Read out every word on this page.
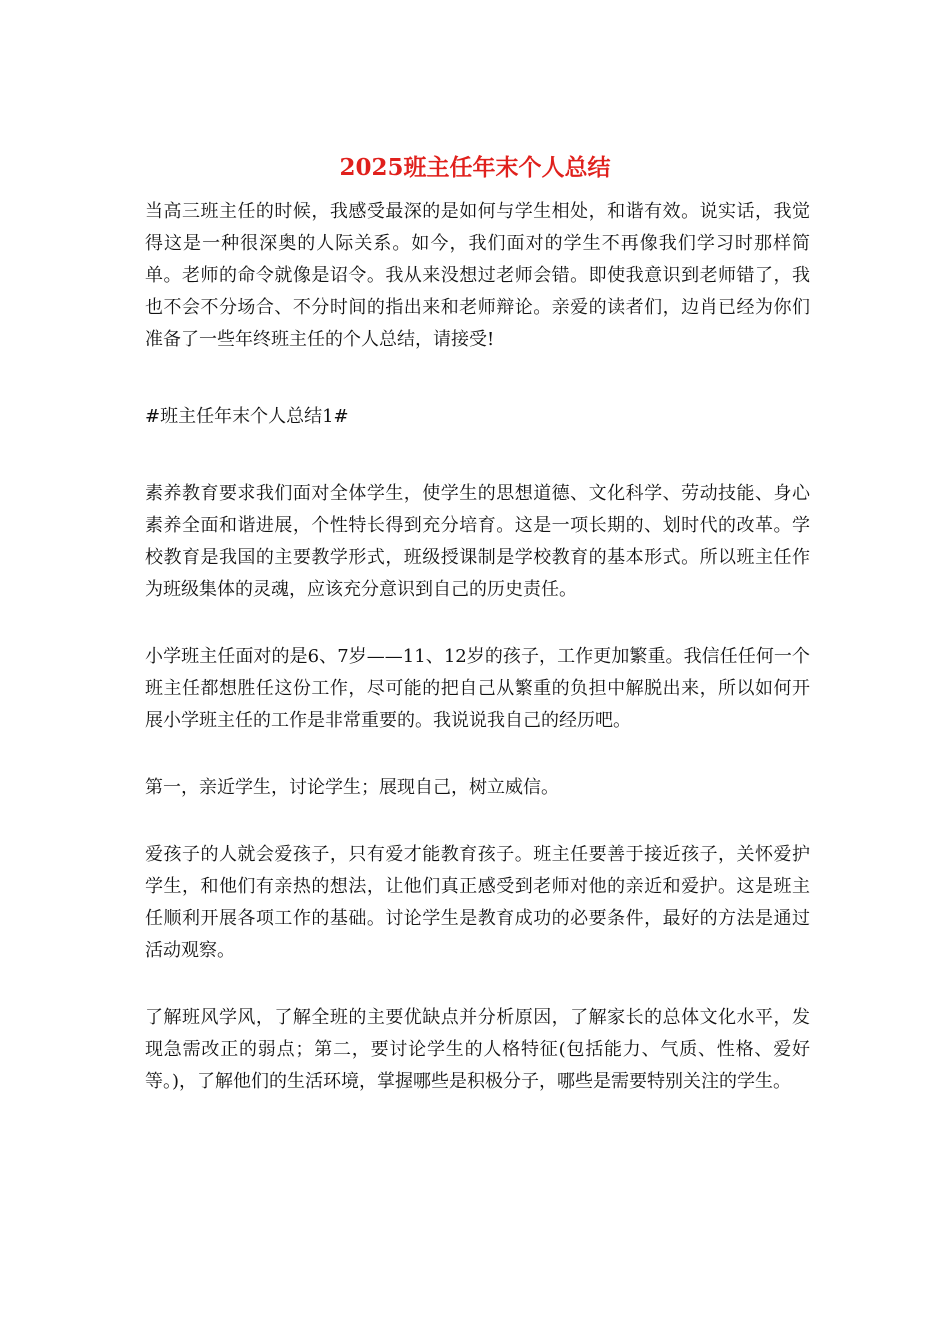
2025班主任年末个人总结

当高三班主任的时候，我感受最深的是如何与学生相处，和谐有效。说实话，我觉得这是一种很深奥的人际关系。如今，我们面对的学生不再像我们学习时那样简单。老师的命令就像是诏令。我从来没想过老师会错。即使我意识到老师错了，我也不会不分场合、不分时间的指出来和老师辩论。亲爱的读者们，边肖已经为你们准备了一些年终班主任的个人总结，请接受!

#班主任年末个人总结1#

素养教育要求我们面对全体学生，使学生的思想道德、文化科学、劳动技能、身心素养全面和谐进展，个性特长得到充分培育。这是一项长期的、划时代的改革。学校教育是我国的主要教学形式，班级授课制是学校教育的基本形式。所以班主任作为班级集体的灵魂，应该充分意识到自己的历史责任。

小学班主任面对的是6、7岁——11、12岁的孩子，工作更加繁重。我信任任何一个班主任都想胜任这份工作，尽可能的把自己从繁重的负担中解脱出来，所以如何开展小学班主任的工作是非常重要的。我说说我自己的经历吧。

第一，亲近学生，讨论学生；展现自己，树立威信。

爱孩子的人就会爱孩子，只有爱才能教育孩子。班主任要善于接近孩子，关怀爱护学生，和他们有亲热的想法，让他们真正感受到老师对他的亲近和爱护。这是班主任顺利开展各项工作的基础。讨论学生是教育成功的必要条件，最好的方法是通过活动观察。

了解班风学风，了解全班的主要优缺点并分析原因，了解家长的总体文化水平，发现急需改正的弱点；第二，要讨论学生的人格特征(包括能力、气质、性格、爱好等。)，了解他们的生活环境，掌握哪些是积极分子，哪些是需要特别关注的学生。
